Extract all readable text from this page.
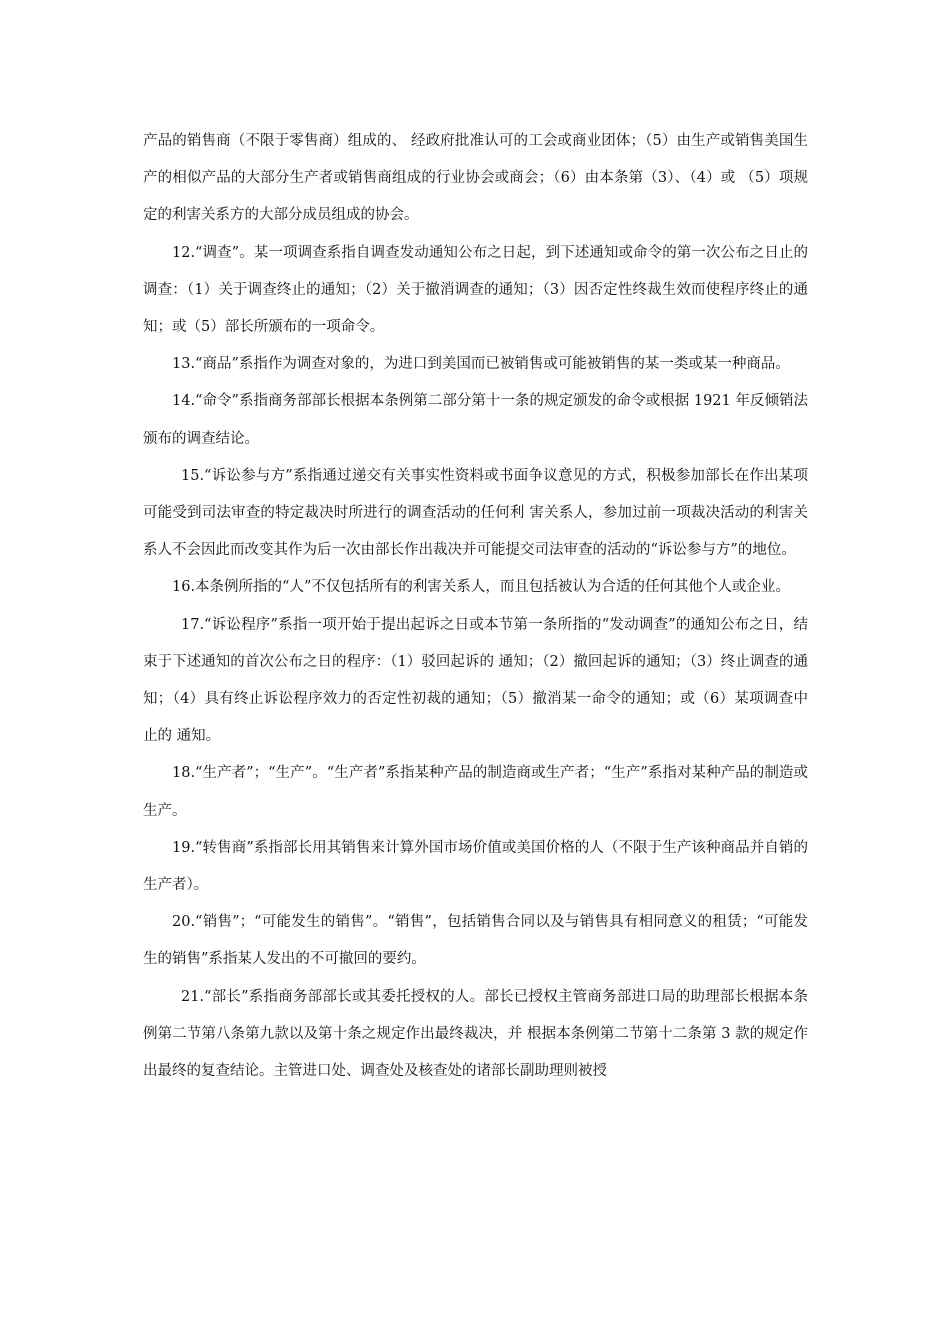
产品的销售商（不限于零售商）组成的、 经政府批准认可的工会或商业团体；（5）由生产或销售美国生产的相似产品的大部分生产者或销售商组成的行业协会或商会；（6）由本条第（3）、（4）或 （5）项规定的利害关系方的大部分成员组成的协会。

12.“调查”。某一项调查系指自调查发动通知公布之日起，到下述通知或命令的第一次公布之日止的调查：（1）关于调查终止的通知；（2）关于撤消调查的通知；（3）因否定性终裁生效而使程序终止的通知；或（5）部长所颁布的一项命令。

13.“商品”系指作为调查对象的，为进口到美国而已被销售或可能被销售的某一类或某一种商品。

14.“命令”系指商务部部长根据本条例第二部分第十一条的规定颁发的命令或根据 1921 年反倾销法颁布的调查结论。

15.“诉讼参与方”系指通过递交有关事实性资料或书面争议意见的方式，积极参加部长在作出某项可能受到司法审查的特定裁决时所进行的调查活动的任何利 害关系人，参加过前一项裁决活动的利害关系人不会因此而改变其作为后一次由部长作出裁决并可能提交司法审查的活动的“诉讼参与方”的地位。

16.本条例所指的“人”不仅包括所有的利害关系人，而且包括被认为合适的任何其他个人或企业。

17.“诉讼程序”系指一项开始于提出起诉之日或本节第一条所指的“发动调查”的通知公布之日，结束于下述通知的首次公布之日的程序：（1）驳回起诉的 通知；（2）撤回起诉的通知；（3）终止调查的通知；（4）具有终止诉讼程序效力的否定性初裁的通知；（5）撤消某一命令的通知；或（6）某项调查中止的 通知。

18.“生产者”；“生产”。“生产者”系指某种产品的制造商或生产者；“生产”系指对某种产品的制造或生产。

19.“转售商”系指部长用其销售来计算外国市场价值或美国价格的人（不限于生产该种商品并自销的生产者）。

20.“销售”；“可能发生的销售”。“销售”，包括销售合同以及与销售具有相同意义的租赁；“可能发生的销售”系指某人发出的不可撤回的要约。

21.“部长”系指商务部部长或其委托授权的人。部长已授权主管商务部进口局的助理部长根据本条例第二节第八条第九款以及第十条之规定作出最终裁决，并 根据本条例第二节第十二条第 3 款的规定作出最终的复查结论。主管进口处、调查处及核查处的诸部长副助理则被授
